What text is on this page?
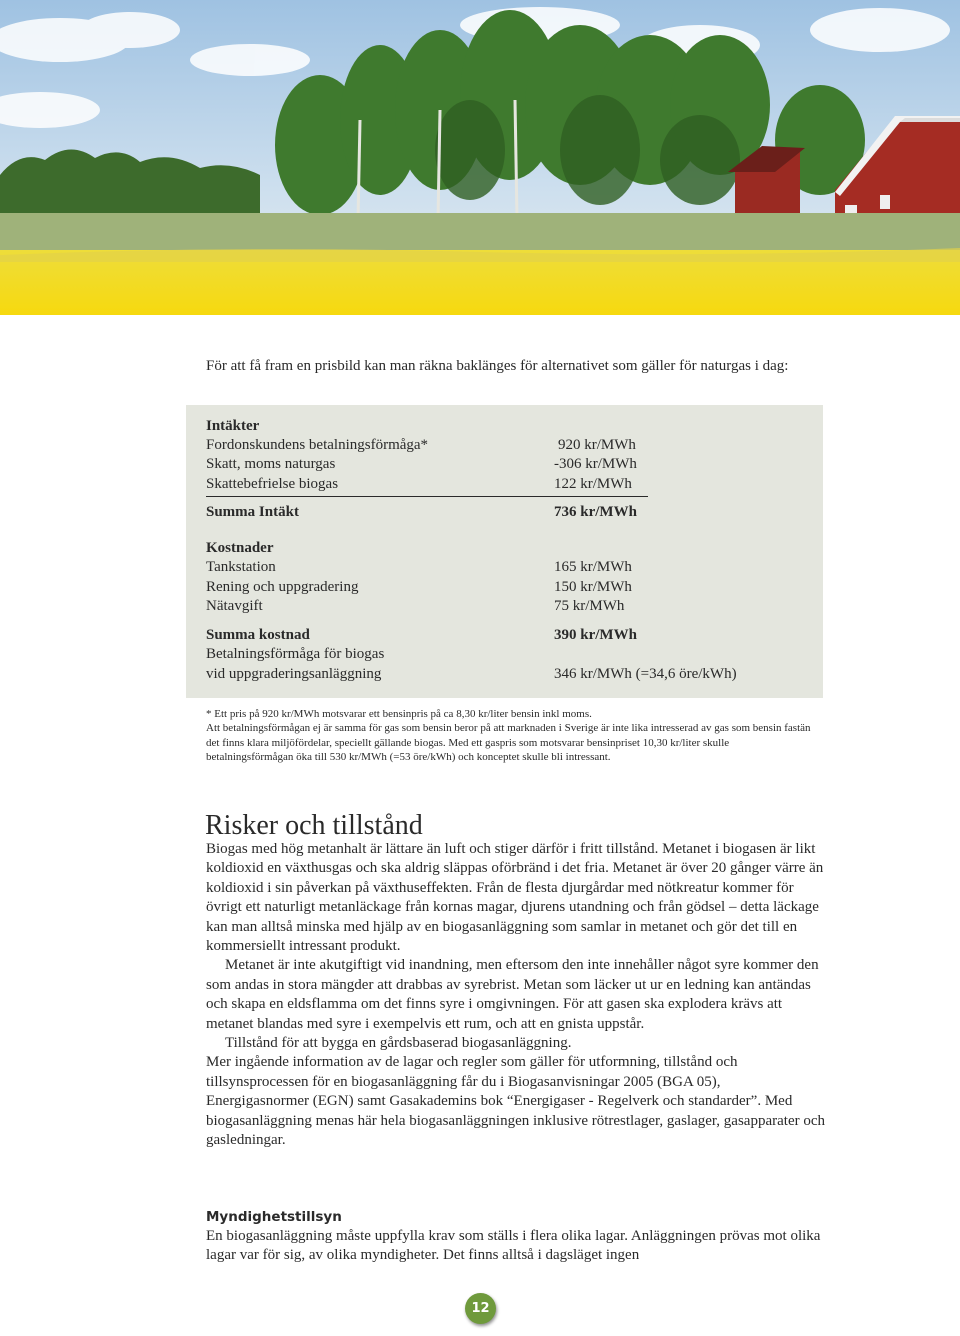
För att få fram en prisbild kan man räkna baklänges för alternativet som gäller för naturgas i dag:

Intäkter
Fordonskundens betalningsförmåga*	920 kr/MWh
Skatt, moms naturgas	-306 kr/MWh
Skattebefrielse biogas	122 kr/MWh
Summa Intäkt	736 kr/MWh
Kostnader
Tankstation	165 kr/MWh
Rening och uppgradering	150 kr/MWh
Nätavgift	75 kr/MWh
Summa kostnad	390 kr/MWh
Betalningsförmåga för biogas
vid uppgraderingsanläggning	346 kr/MWh (=34,6 öre/kWh)

* Ett pris på 920 kr/MWh motsvarar ett bensinpris på ca 8,30 kr/liter bensin inkl moms.

Att betalningsförmågan ej är samma för gas som bensin beror på att marknaden i Sverige är inte lika intresserad av gas som bensin fastän det finns klara miljöfördelar, speciellt gällande biogas. Med ett gaspris som motsvarar bensinpriset 10,30 kr/liter skulle betalningsförmågan öka till 530 kr/MWh (=53 öre/kWh) och konceptet skulle bli intressant.

Risker och tillstånd

Biogas med hög metanhalt är lättare än luft och stiger därför i fritt tillstånd. Metanet i biogasen är likt koldioxid en växthusgas och ska aldrig släppas oförbränd i det fria. Metanet är över 20 gånger värre än koldioxid i sin påverkan på växthuseffekten. Från de flesta djurgårdar med nötkreatur kommer för övrigt ett naturligt metanläckage från kornas magar, djurens utandning och från gödsel – detta läckage kan man alltså minska med hjälp av en biogasanläggning som samlar in metanet och gör det till en kommersiellt intressant produkt.

Metanet är inte akutgiftigt vid inandning, men eftersom den inte innehåller något syre kommer den som andas in stora mängder att drabbas av syrebrist. Metan som läcker ut ur en ledning kan antändas och skapa en eldsflamma om det finns syre i omgivningen. För att gasen ska explodera krävs att metanet blandas med syre i exempelvis ett rum, och att en gnista uppstår.

Tillstånd för att bygga en gårdsbaserad biogasanläggning.

Mer ingående information av de lagar och regler som gäller för utformning, tillstånd och tillsynsprocessen för en biogasanläggning får du i Biogasanvisningar 2005 (BGA 05), Energigasnormer (EGN) samt Gasakademins bok “Energigaser - Regelverk och standarder”. Med biogasanläggning menas här hela biogasanläggningen inklusive rötrestlager, gaslager, gasapparater och gasledningar.

Myndighetstillsyn

En biogasanläggning måste uppfylla krav som ställs i flera olika lagar. Anläggningen prövas mot olika lagar var för sig, av olika myndigheter. Det finns alltså i dagsläget ingen

12
